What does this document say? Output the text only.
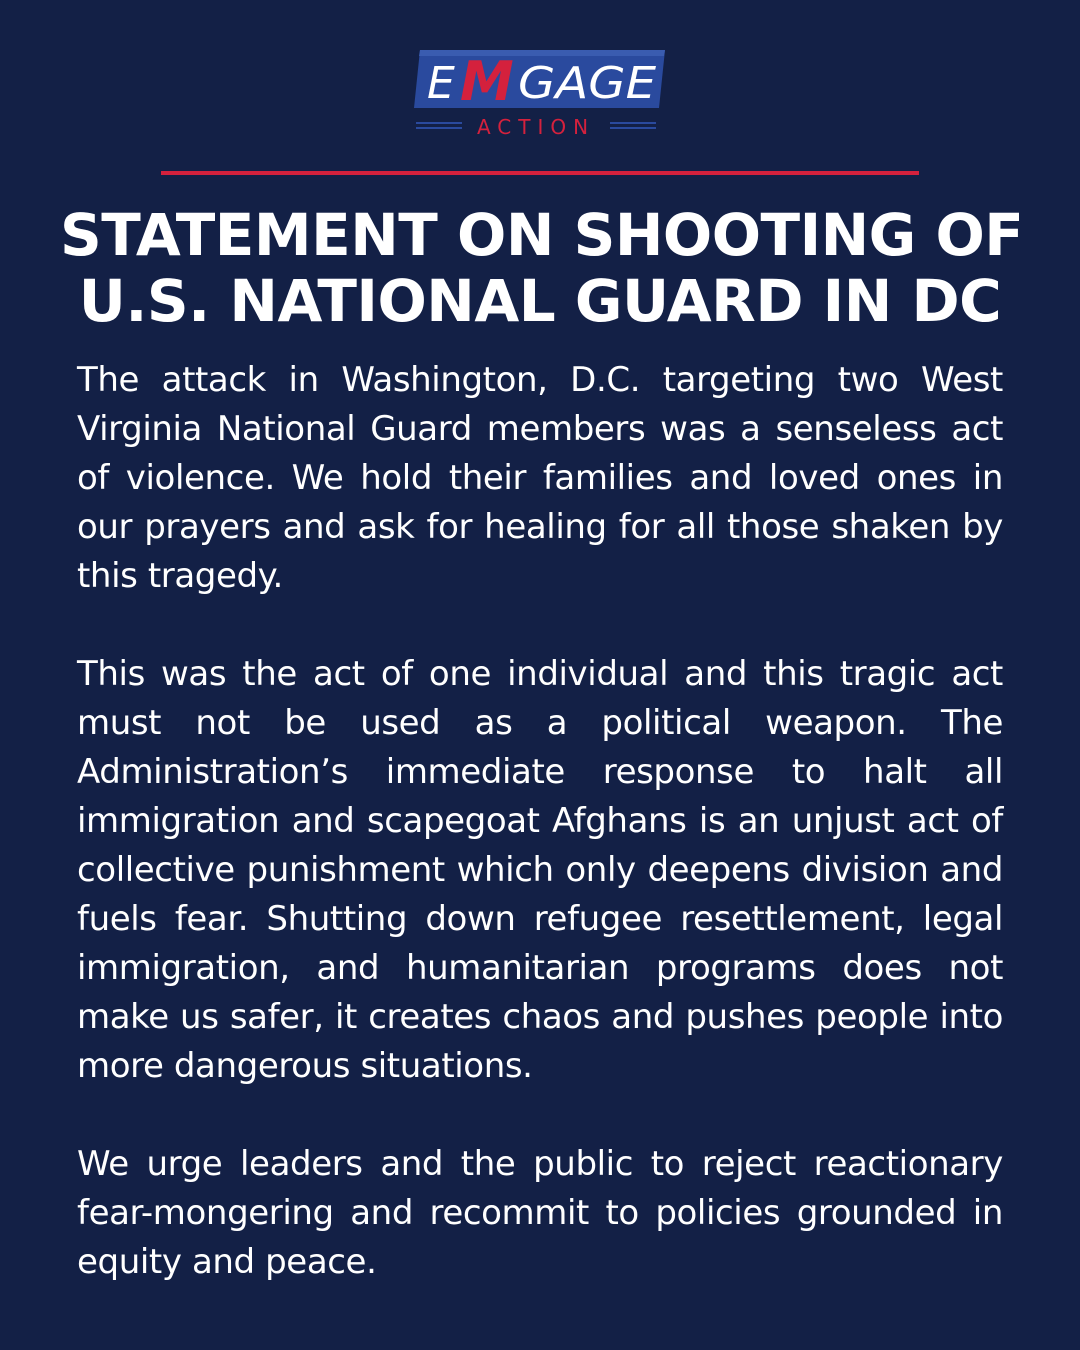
E M GAGE
ACTION
STATEMENT ON SHOOTING OF
U.S. NATIONAL GUARD IN DC

The attack in Washington, D.C. targeting two West Virginia National Guard members was a senseless act of violence. We hold their families and loved ones in our prayers and ask for healing for all those shaken by this tragedy.

This was the act of one individual and this tragic act must not be used as a political weapon. The Administration’s immediate response to halt all immigration and scapegoat Afghans is an unjust act of collective punishment which only deepens division and fuels fear. Shutting down refugee resettlement, legal immigration, and humanitarian programs does not make us safer, it creates chaos and pushes people into more dangerous situations.

We urge leaders and the public to reject reactionary fear-mongering and recommit to policies grounded in equity and peace.
